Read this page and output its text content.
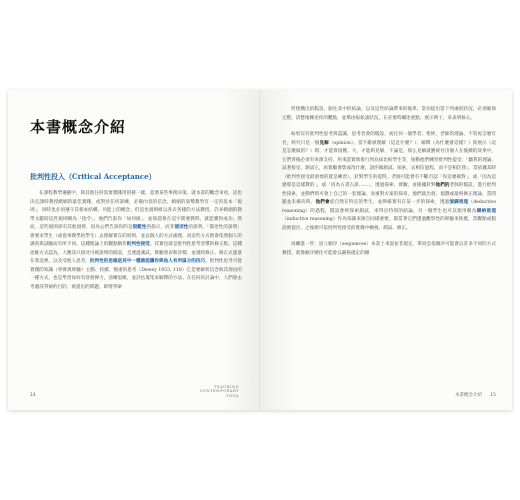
本書概念介紹
批判性投入（Critical Acceptance）

在課程教學遵藝中，與其他任何需要實踐用的藝一樣，需要某些事務決策。就本書的觀念來看，這也決定課時教授婚姻的最佳實踐，或對於任何訓練，必備內容的信念，婚姻的姿勢教學有一定的基本「規則」，同時也必須遵守其相本結構、功能上的概念。但這也規則組以各式各樣的方法教授，許多婚姻的教學文獻時這些規則稱為「指令」。他們告訴你「如何做」，並保證會在這字期要教時，就能獲得成功。然而，這些規則卻有其他規律，因為公們告訴你的是規範性的指示，而非描述性的說明。「描述性的說明」會要求學生（或從事教學的學生）去理解實在的原則，並以個人的方式處理，而這些方式則會依照個人的調查與試驗而有所不同。這種理論上的觀點稱作批判性接受。其實也就是批判性思考習慣的修正版。這種思維方式認為，人應該只接受可被說明的假設，且透過測試、實驗發表和評價，並適時修正。修正式運量在我這裡，以及受他人思考，批判性的思維是其中一種最能讓你與他人有所區分的技巧。批判性思考可從實踐的知識（事實與經驗）主動、持續、慎重的思考（Dewey 1933, 118）它是要解析信念與其理由的一種方式，也是學習如何有效發揮力，清晰思維，並評估蒐集來解釋的方法。在任何的討論中，人們會去考慮該爭辯的目的、被提出的問題，即增爭辯

14
TEACHING
CONTEMPORARY
YOGA

所建構出的假設，跟往其中的結論，以及這些結論帶來的後果。當你提出當下所處的狀況，必須確保完整、清楚地陳述你的觀點，並舉由振振談狀況，在必要時闡述重點、展示例子，來表明核心。

如果沒有批判性思考與認識，思考者會的假設，或任何一個學者、聖經、老師的理論，不管再怎麼有名，終究只是一個見解（opinion）。當字辭被理解（這是什麼？）、解釋（為什麼會這樣？）與展示（這是怎麼做的？）時，才能算接獲。大，才能夠見解，不論是，那么見解就應被付出個人在後續的效果中，它們背後必須有來源支持，用來證實與推行到為採比較學生等，推動他們練習批判性提受：「聽我的理論，試著接受、測試它，再實驗會影或改什麼，請你做測試、探索，去相信過程，而不是相信我」。當依據其時（批判性接受最重要的就是練習）、針對學生的提問，老師可能會有不斷否認「你這麼做對」，或「因為這麼那是這樣教的」。或「因為古書古說……」，透過探索、實驗，並根據針對他們的老師的假設，進行批判性探索，並動們時可會上自己的一套理論，而重對方案的探尋，他們就出發、規劃或最終修正理論，當問題並未解決時，他們會從自然在特定的學生、並辨確實有在某一步的探索，透過演繹推理（deductive reasoning）的過程，假設會經探索測試，來得出特別的結論。另一個學生也可以使用稱為歸納推理（inductive reasoning）作為知識來源自同樣重要，都當著它們透過觀察性的經驗來推薦，當觀點或假設被提出，之後便可依批判性接受的實踐中檢視、測試、修正。

再繼進一些：設立順序（sequences）本書上來說並非規定，單而是依順序可能會以許多不同的方式教授，就像順序變化可能會以嚴格規定的順

本書概念介紹 15
